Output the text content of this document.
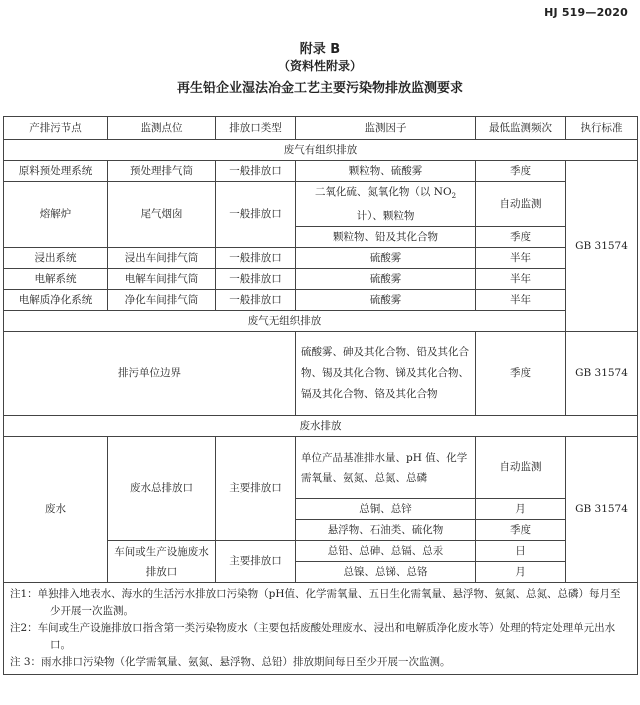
HJ 519—2020
附录 B
（资料性附录）
再生铅企业湿法冶金工艺主要污染物排放监测要求
产排污节点	监测点位	排放口类型	监测因子	最低监测频次	执行标准
废气有组织排放					
原料预处理系统	预处理排气筒	一般排放口	颗粒物、硫酸雾	季度	GB 31574
熔解炉	尾气烟囱	一般排放口	二氧化硫、氮氧化物（以 $NO_2$
计）、颗粒物	自动监测	
			颗粒物、铅及其化合物	季度	
浸出系统	浸出车间排气筒	一般排放口	硫酸雾	半年	
电解系统	电解车间排气筒	一般排放口	硫酸雾	半年	
电解质净化系统	净化车间排气筒	一般排放口	硫酸雾	半年	
废气无组织排放					
排污单位边界			硫酸雾、砷及其化合物、铅及其化合物、锡及其化合物、锑及其化合物、镉及其化合物、铬及其化合物	季度	GB 31574
废水排放					
废水	废水总排放口	主要排放口	单位产品基准排水量、pH 值、化学需氧量、氨氮、总氮、总磷	自动监测	GB 31574
			总铜、总锌	月	
			悬浮物、石油类、硫化物	季度	
	车间或生产设施废水排放口	主要排放口	总铅、总砷、总镉、总汞	日	
			总镍、总锑、总铬	月	

注1：单独排入地表水、海水的生活污水排放口污染物（pH值、化学需氧量、五日生化需氧量、悬浮物、氨氮、总氮、总磷）每月至少开展一次监测。
注2：车间或生产设施排放口指含第一类污染物废水（主要包括废酸处理废水、浸出和电解质净化废水等）处理的特定处理单元出水口。
注 3：雨水排口污染物（化学需氧量、氨氮、悬浮物、总铅）排放期间每日至少开展一次监测。					
